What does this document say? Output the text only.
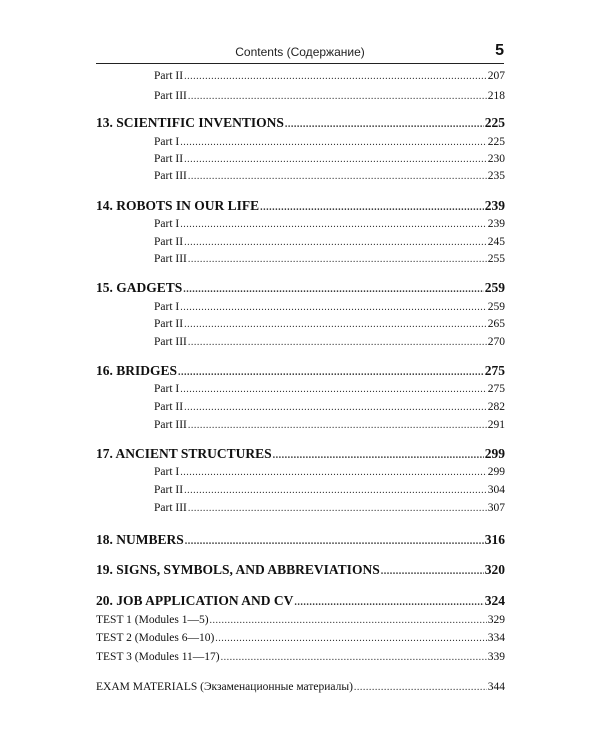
Contents (Содержание)	5
Part II .....	207
Part III .....	218
13. SCIENTIFIC INVENTIONS .....	225
Part I .....	225
Part II .....	230
Part III .....	235
14. ROBOTS IN OUR LIFE .....	239
Part I .....	239
Part II .....	245
Part III .....	255
15. GADGETS .....	259
Part I .....	259
Part II .....	265
Part III .....	270
16. BRIDGES .....	275
Part I .....	275
Part II .....	282
Part III .....	291
17. ANCIENT STRUCTURES .....	299
Part I .....	299
Part II .....	304
Part III .....	307
18. NUMBERS .....	316
19. SIGNS, SYMBOLS, AND ABBREVIATIONS .....	320
20. JOB APPLICATION AND CV .....	324
TEST 1 (Modules 1—5) .....	329
TEST 2 (Modules 6—10) .....	334
TEST 3 (Modules 11—17) .....	339
EXAM MATERIALS (Экзаменационные материалы) .....	344
